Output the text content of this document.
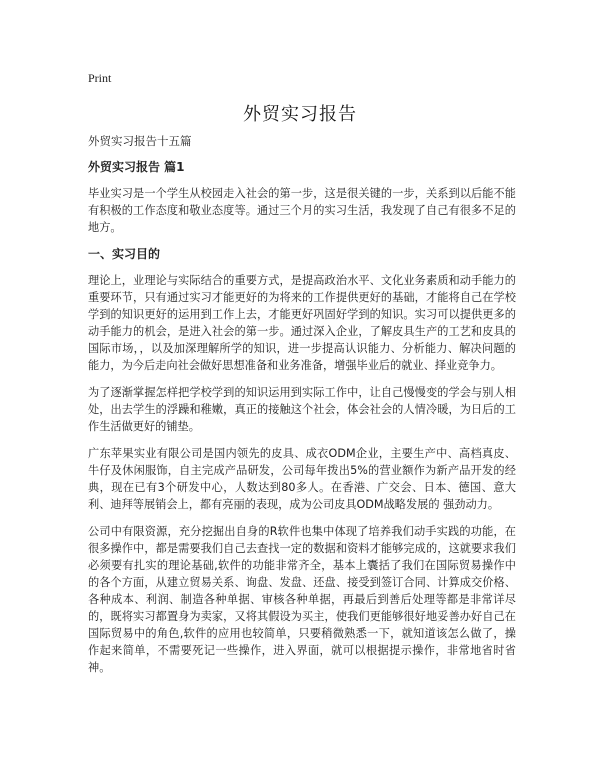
Print
外贸实习报告

外贸实习报告十五篇

外贸实习报告 篇1

毕业实习是一个学生从校园走入社会的第一步，这是很关键的一步，关系到以后能不能有积极的工作态度和敬业态度等。通过三个月的实习生活，我发现了自己有很多不足的地方。

一、实习目的

理论上，业理论与实际结合的重要方式，是提高政治水平、文化业务素质和动手能力的重要环节，只有通过实习才能更好的为将来的工作提供更好的基础，才能将自己在学校学到的知识更好的运用到工作上去，才能更好巩固好学到的知识。实习可以提供更多的动手能力的机会，是进入社会的第一步。通过深入企业，了解皮具生产的工艺和皮具的国际市场，，以及加深理解所学的知识，进一步提高认识能力、分析能力、解决问题的能力，为今后走向社会做好思想准备和业务准备，增强毕业后的就业、择业竞争力。

为了逐渐掌握怎样把学校学到的知识运用到实际工作中，让自己慢慢变的学会与别人相处，出去学生的浮躁和稚嫩，真正的接触这个社会，体会社会的人情冷暖，为日后的工作生活做更好的铺垫。

广东苹果实业有限公司是国内领先的皮具、成衣ODM企业，主要生产中、高档真皮、牛仔及休闲服饰，自主完成产品研发，公司每年拨出5%的营业额作为新产品开发的经典，现在已有3个研发中心，人数达到80多人。在香港、广交会、日本、德国、意大利、迪拜等展销会上，都有亮丽的表现，成为公司皮具ODM战略发展的 强劲动力。

公司中有限资源，充分挖掘出自身的R软件也集中体现了培养我们动手实践的功能，在很多操作中，都是需要我们自己去查找一定的数据和资料才能够完成的，这就要求我们必须要有扎实的理论基础,软件的功能非常齐全，基本上囊括了我们在国际贸易操作中的各个方面，从建立贸易关系、询盘、发盘、还盘、接受到签订合同、计算成交价格、各种成本、利润、制造各种单据、审核各种单据，再最后到善后处理等都是非常详尽的，既将实习都置身为卖家，又将其假设为买主，使我们更能够很好地妥善办好自己在国际贸易中的角色,软件的应用也较简单，只要稍微熟悉一下，就知道该怎么做了，操作起来简单，不需要死记一些操作，进入界面，就可以根据提示操作，非常地省时省神。
